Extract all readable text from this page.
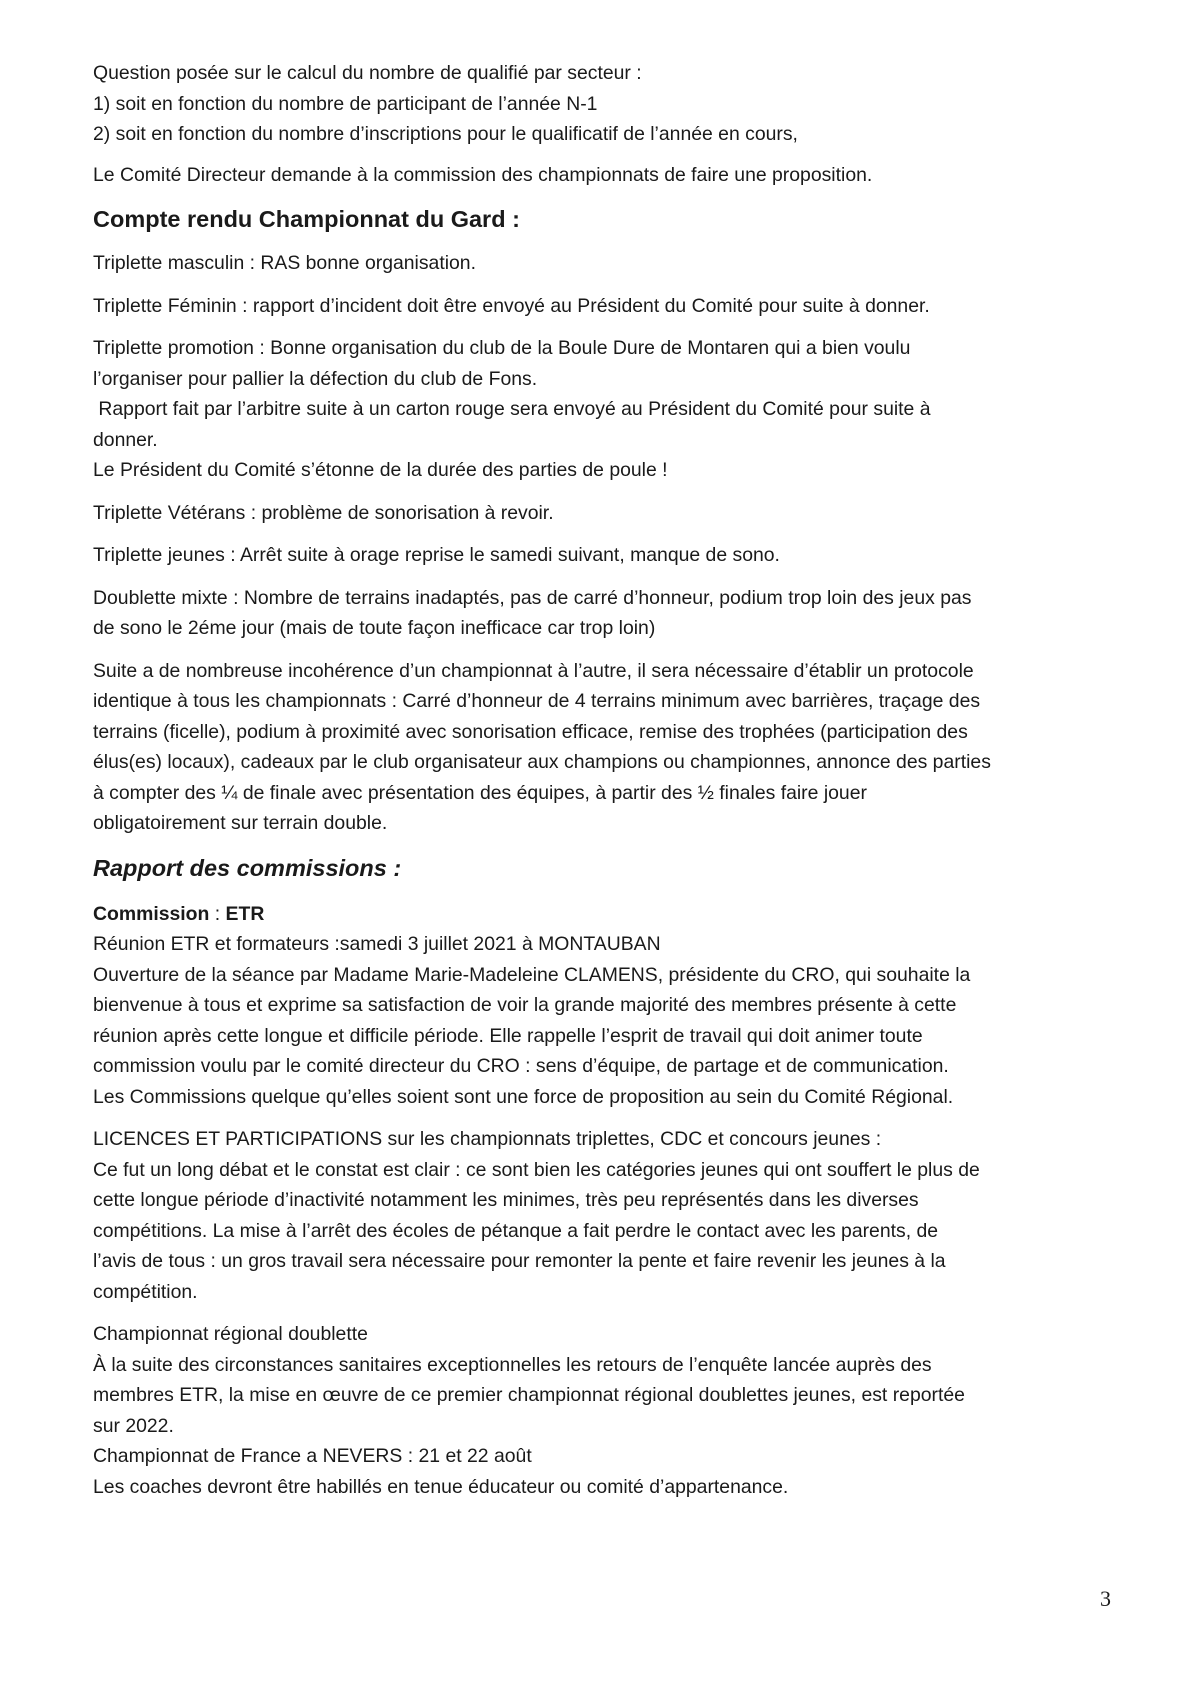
Question posée sur le calcul du nombre de qualifié par secteur :
1) soit en fonction du nombre de participant de l’année N-1
2) soit en fonction du nombre d’inscriptions pour le qualificatif de l’année en cours,
Le Comité Directeur demande à la commission des championnats de faire une proposition.
Compte rendu Championnat du Gard :
Triplette masculin : RAS bonne organisation.
Triplette Féminin : rapport d’incident doit être envoyé au Président du Comité pour suite à donner.
Triplette promotion : Bonne organisation du club de la Boule Dure de Montaren qui a bien voulu
l’organiser pour pallier la défection du club de Fons.
Rapport fait par l’arbitre suite à un carton rouge sera envoyé au Président du Comité pour suite à
donner.
Le Président du Comité s’étonne de la durée des parties de poule !
Triplette Vétérans : problème de sonorisation à revoir.
Triplette jeunes : Arrêt suite à orage reprise le samedi suivant, manque de sono.
Doublette mixte : Nombre de terrains inadaptés, pas de carré d’honneur, podium trop loin des jeux pas
de sono le 2éme jour (mais de toute façon inefficace car trop loin)
Suite a de nombreuse incohérence d’un championnat à l’autre, il sera nécessaire d’établir un protocole
identique à tous les championnats : Carré d’honneur de 4 terrains minimum avec barrières, traçage des
terrains (ficelle), podium à proximité avec sonorisation efficace, remise des trophées (participation des
élus(es) locaux), cadeaux par le club organisateur aux champions ou championnes, annonce des parties
à compter des ¼ de finale avec présentation des équipes, à partir des ½ finales faire jouer
obligatoirement sur terrain double.
Rapport des commissions :
Commission : ETR
Réunion ETR et formateurs :samedi 3 juillet 2021 à MONTAUBAN
Ouverture de la séance par Madame Marie-Madeleine CLAMENS, présidente du CRO, qui souhaite la
bienvenue à tous et exprime sa satisfaction de voir la grande majorité des membres présente à cette
réunion après cette longue et difficile période. Elle rappelle l’esprit de travail qui doit animer toute
commission voulu par le comité directeur du CRO : sens d’équipe, de partage et de communication.
Les Commissions quelque qu’elles soient sont une force de proposition au sein du Comité Régional.
LICENCES ET PARTICIPATIONS sur les championnats triplettes, CDC et concours jeunes :
Ce fut un long débat et le constat est clair : ce sont bien les catégories jeunes qui ont souffert le plus de
cette longue période d’inactivité notamment les minimes, très peu représentés dans les diverses
compétitions. La mise à l’arrêt des écoles de pétanque a fait perdre le contact avec les parents, de
l’avis de tous : un gros travail sera nécessaire pour remonter la pente et faire revenir les jeunes à la
compétition.
Championnat régional doublette
À la suite des circonstances sanitaires exceptionnelles les retours de l’enquête lancée auprès des
membres ETR, la mise en œuvre de ce premier championnat régional doublettes jeunes, est reportée
sur 2022.
Championnat de France a NEVERS : 21 et 22 août
Les coaches devront être habillés en tenue éducateur ou comité d’appartenance.
3
